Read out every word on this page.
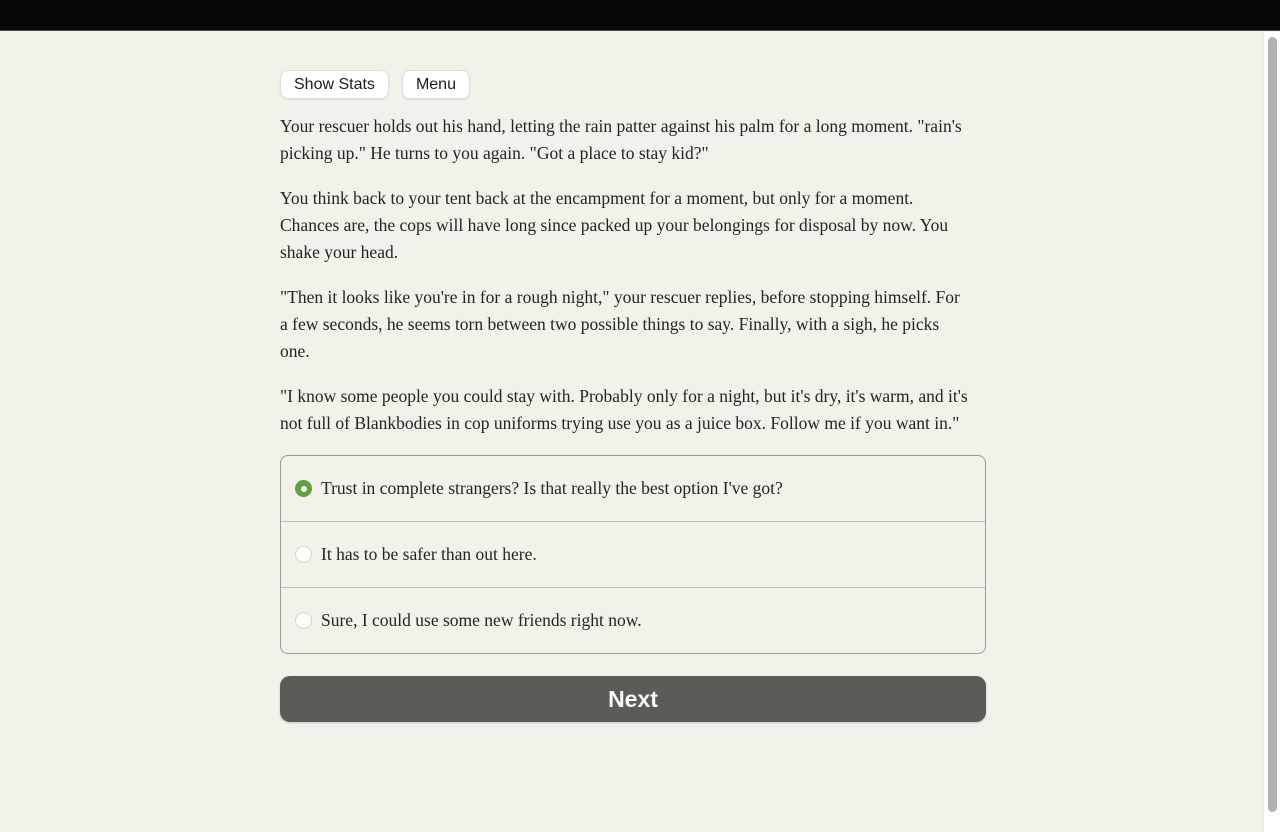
Show Stats	Menu

Your rescuer holds out his hand, letting the rain patter against his palm for a long moment. "rain's picking up." He turns to you again. "Got a place to stay kid?"

You think back to your tent back at the encampment for a moment, but only for a moment. Chances are, the cops will have long since packed up your belongings for disposal by now. You shake your head.

"Then it looks like you're in for a rough night," your rescuer replies, before stopping himself. For a few seconds, he seems torn between two possible things to say. Finally, with a sigh, he picks one.

"I know some people you could stay with. Probably only for a night, but it's dry, it's warm, and it's not full of Blankbodies in cop uniforms trying use you as a juice box. Follow me if you want in."

Trust in complete strangers? Is that really the best option I've got?
It has to be safer than out here.
Sure, I could use some new friends right now.
Next
